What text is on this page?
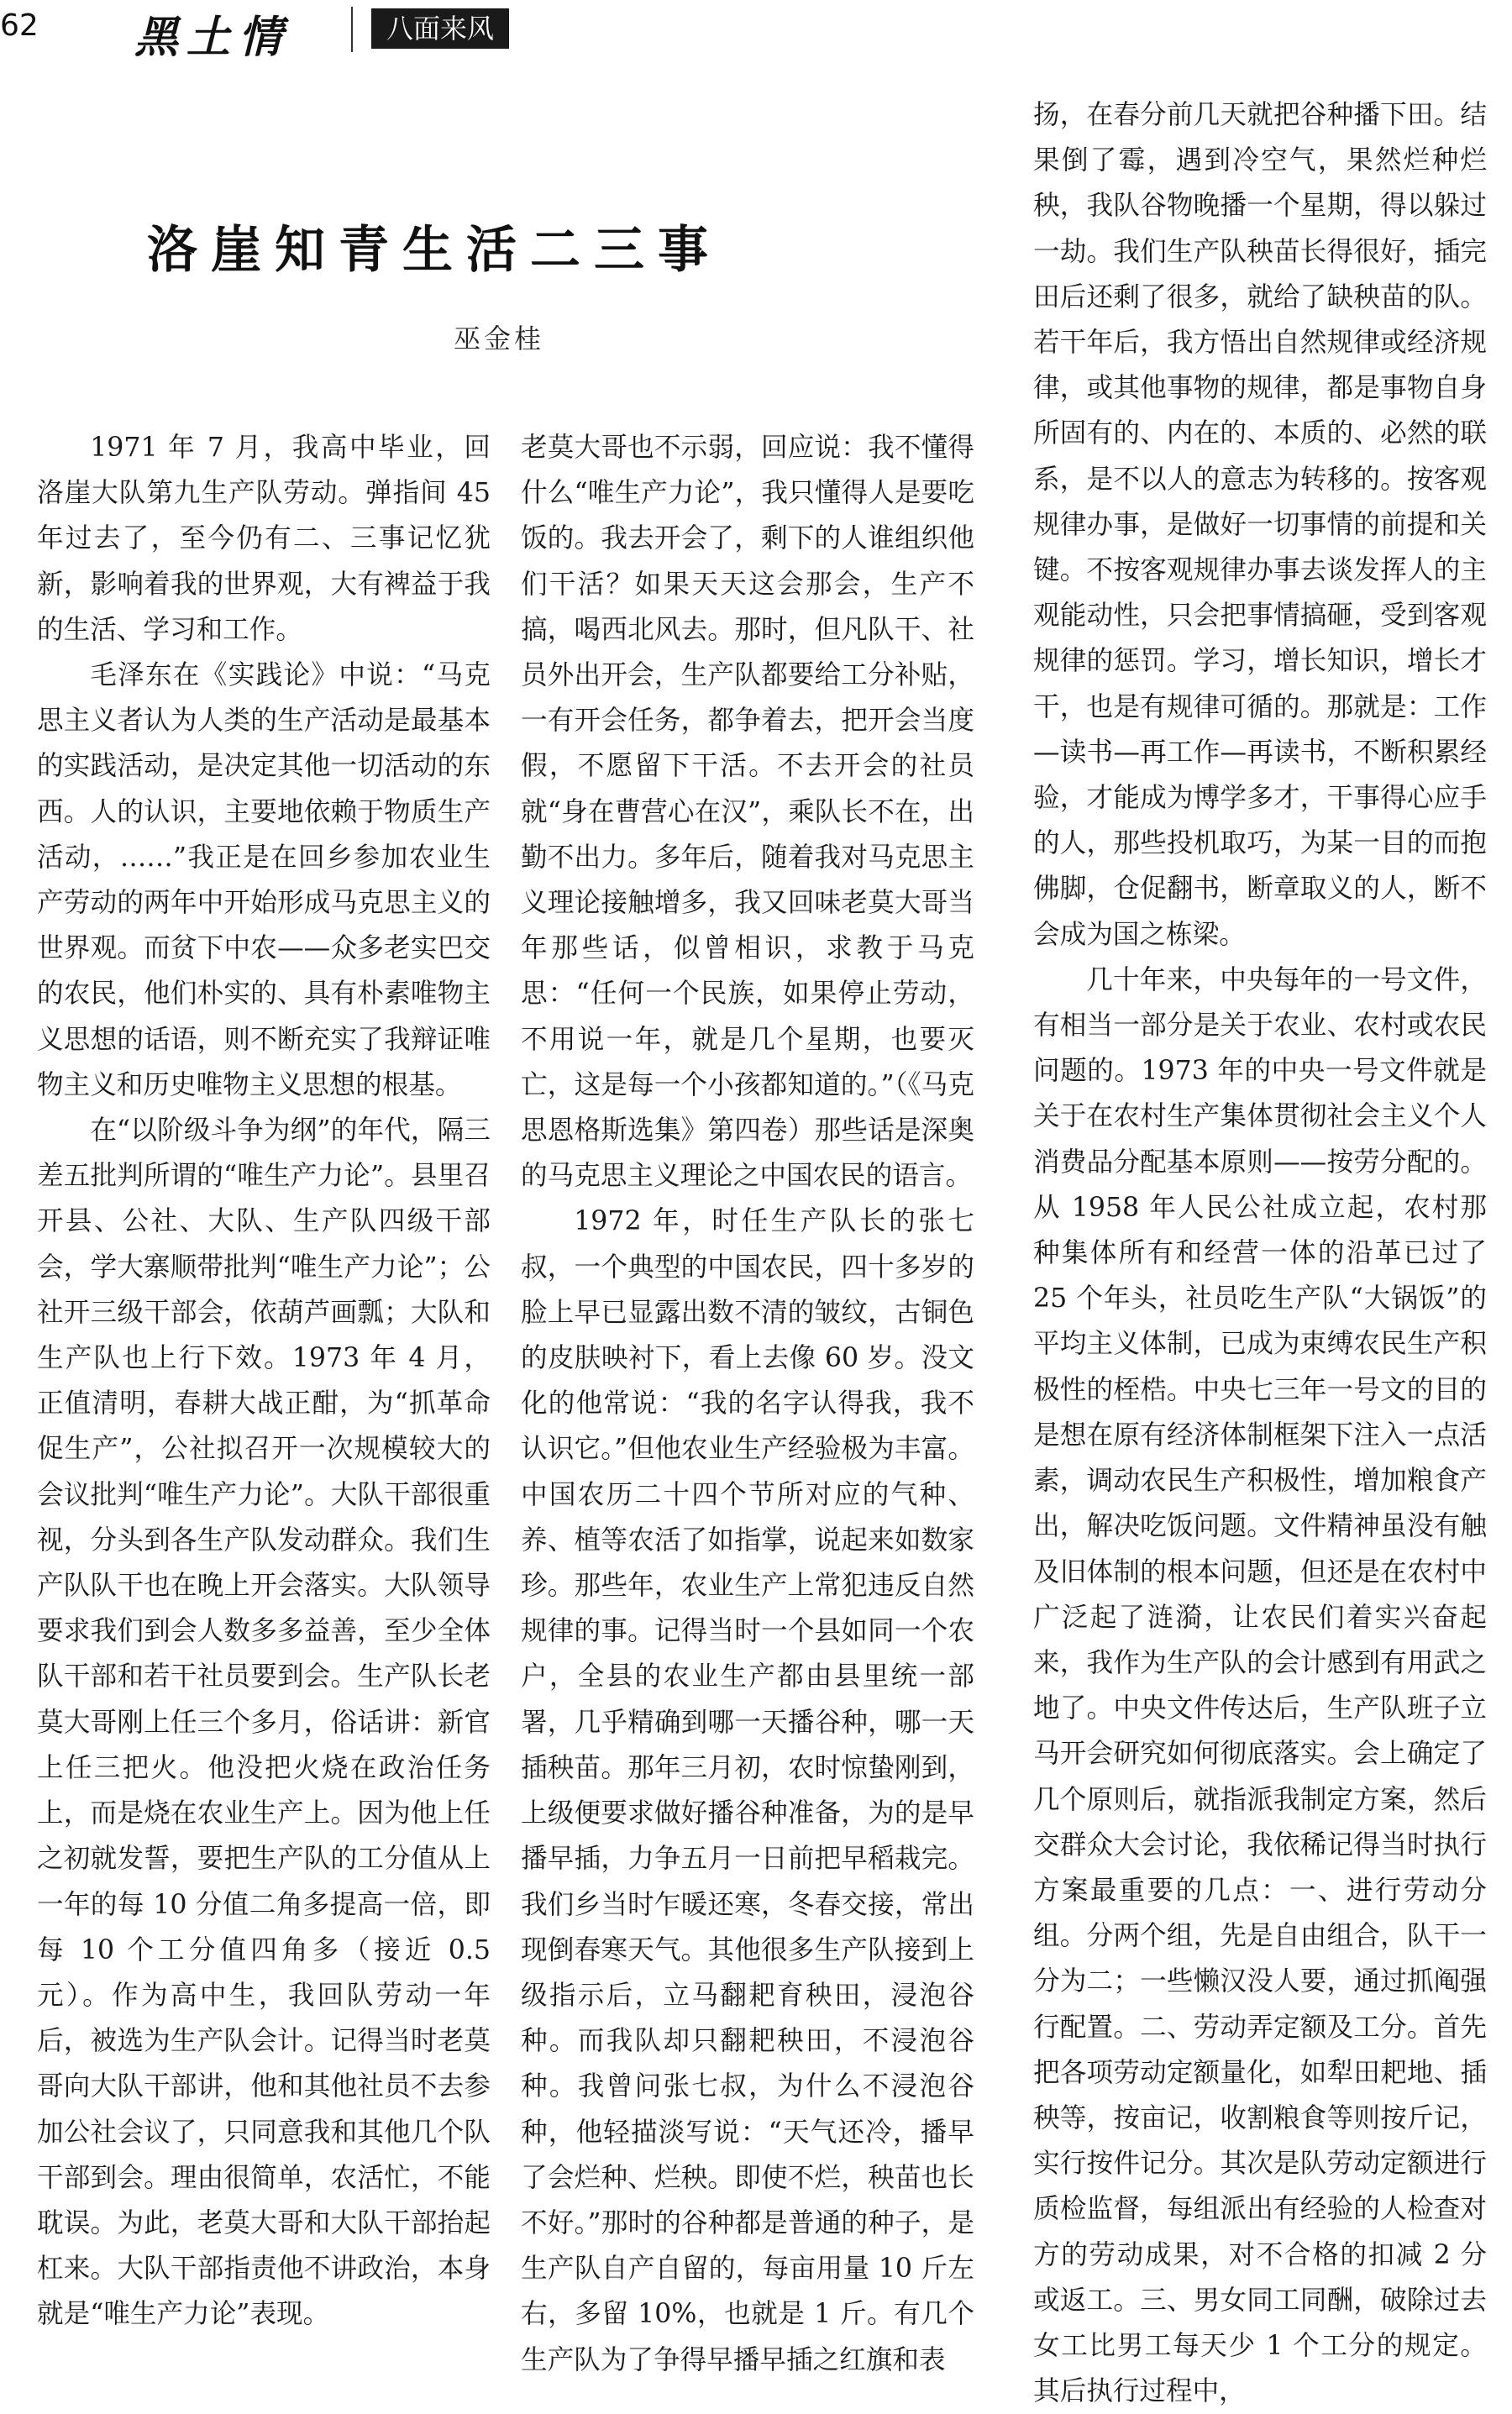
62 黑土情	八面来风
洛崖知青生活二三事
巫金桂

1971 年 7 月，我高中毕业，回洛崖大队第九生产队劳动。弹指间 45 年过去了，至今仍有二、三事记忆犹新，影响着我的世界观，大有裨益于我的生活、学习和工作。

毛泽东在《实践论》中说：“马克思主义者认为人类的生产活动是最基本的实践活动，是决定其他一切活动的东西。人的认识，主要地依赖于物质生产活动，……”我正是在回乡参加农业生产劳动的两年中开始形成马克思主义的世界观。而贫下中农——众多老实巴交的农民，他们朴实的、具有朴素唯物主义思想的话语，则不断充实了我辩证唯物主义和历史唯物主义思想的根基。

在“以阶级斗争为纲”的年代，隔三差五批判所谓的“唯生产力论”。县里召开县、公社、大队、生产队四级干部会，学大寨顺带批判“唯生产力论”；公社开三级干部会，依葫芦画瓢；大队和生产队也上行下效。1973 年 4 月，正值清明，春耕大战正酣，为“抓革命促生产”，公社拟召开一次规模较大的会议批判“唯生产力论”。大队干部很重视，分头到各生产队发动群众。我们生产队队干也在晚上开会落实。大队领导要求我们到会人数多多益善，至少全体队干部和若干社员要到会。生产队长老莫大哥刚上任三个多月，俗话讲：新官上任三把火。他没把火烧在政治任务上，而是烧在农业生产上。因为他上任之初就发誓，要把生产队的工分值从上一年的每 10 分值二角多提高一倍，即每 10 个工分值四角多（接近 0.5 元）。作为高中生，我回队劳动一年后，被选为生产队会计。记得当时老莫哥向大队干部讲，他和其他社员不去参加公社会议了，只同意我和其他几个队干部到会。理由很简单，农活忙，不能耽误。为此，老莫大哥和大队干部抬起杠来。大队干部指责他不讲政治，本身就是“唯生产力论”表现。

老莫大哥也不示弱，回应说：我不懂得什么“唯生产力论”，我只懂得人是要吃饭的。我去开会了，剩下的人谁组织他们干活？如果天天这会那会，生产不搞，喝西北风去。那时，但凡队干、社员外出开会，生产队都要给工分补贴，一有开会任务，都争着去，把开会当度假，不愿留下干活。不去开会的社员就“身在曹营心在汉”，乘队长不在，出勤不出力。多年后，随着我对马克思主义理论接触增多，我又回味老莫大哥当年那些话，似曾相识，求教于马克思：“任何一个民族，如果停止劳动，不用说一年，就是几个星期，也要灭亡，这是每一个小孩都知道的。”（《马克思恩格斯选集》第四卷）那些话是深奥的马克思主义理论之中国农民的语言。

1972 年，时任生产队长的张七叔，一个典型的中国农民，四十多岁的脸上早已显露出数不清的皱纹，古铜色的皮肤映衬下，看上去像 60 岁。没文化的他常说：“我的名字认得我，我不认识它。”但他农业生产经验极为丰富。中国农历二十四个节所对应的气种、养、植等农活了如指掌，说起来如数家珍。那些年，农业生产上常犯违反自然规律的事。记得当时一个县如同一个农户，全县的农业生产都由县里统一部署，几乎精确到哪一天播谷种，哪一天插秧苗。那年三月初，农时惊蛰刚到，上级便要求做好播谷种准备，为的是早播早插，力争五月一日前把早稻栽完。我们乡当时乍暖还寒，冬春交接，常出现倒春寒天气。其他很多生产队接到上级指示后，立马翻耙育秧田，浸泡谷种。而我队却只翻耙秧田，不浸泡谷种。我曾问张七叔，为什么不浸泡谷种，他轻描淡写说：“天气还冷，播早了会烂种、烂秧。即使不烂，秧苗也长不好。”那时的谷种都是普通的种子，是生产队自产自留的，每亩用量 10 斤左右，多留 10%，也就是 1 斤。有几个生产队为了争得早播早插之红旗和表

扬，在春分前几天就把谷种播下田。结果倒了霉，遇到冷空气，果然烂种烂秧，我队谷物晚播一个星期，得以躲过一劫。我们生产队秧苗长得很好，插完田后还剩了很多，就给了缺秧苗的队。若干年后，我方悟出自然规律或经济规律，或其他事物的规律，都是事物自身所固有的、内在的、本质的、必然的联系，是不以人的意志为转移的。按客观规律办事，是做好一切事情的前提和关键。不按客观规律办事去谈发挥人的主观能动性，只会把事情搞砸，受到客观规律的惩罚。学习，增长知识，增长才干，也是有规律可循的。那就是：工作—读书—再工作—再读书，不断积累经验，才能成为博学多才，干事得心应手的人，那些投机取巧，为某一目的而抱佛脚，仓促翻书，断章取义的人，断不会成为国之栋梁。

几十年来，中央每年的一号文件，有相当一部分是关于农业、农村或农民问题的。1973 年的中央一号文件就是关于在农村生产集体贯彻社会主义个人消费品分配基本原则——按劳分配的。从 1958 年人民公社成立起，农村那种集体所有和经营一体的沿革已过了 25 个年头，社员吃生产队“大锅饭”的平均主义体制，已成为束缚农民生产积极性的桎梏。中央七三年一号文的目的是想在原有经济体制框架下注入一点活素，调动农民生产积极性，增加粮食产出，解决吃饭问题。文件精神虽没有触及旧体制的根本问题，但还是在农村中广泛起了涟漪，让农民们着实兴奋起来，我作为生产队的会计感到有用武之地了。中央文件传达后，生产队班子立马开会研究如何彻底落实。会上确定了几个原则后，就指派我制定方案，然后交群众大会讨论，我依稀记得当时执行方案最重要的几点：一、进行劳动分组。分两个组，先是自由组合，队干一分为二；一些懒汉没人要，通过抓阄强行配置。二、劳动弄定额及工分。首先把各项劳动定额量化，如犁田耙地、插秧等，按亩记，收割粮食等则按斤记，实行按件记分。其次是队劳动定额进行质检监督，每组派出有经验的人检查对方的劳动成果，对不合格的扣减 2 分或返工。三、男女同工同酬，破除过去女工比男工每天少 1 个工分的规定。其后执行过程中，
